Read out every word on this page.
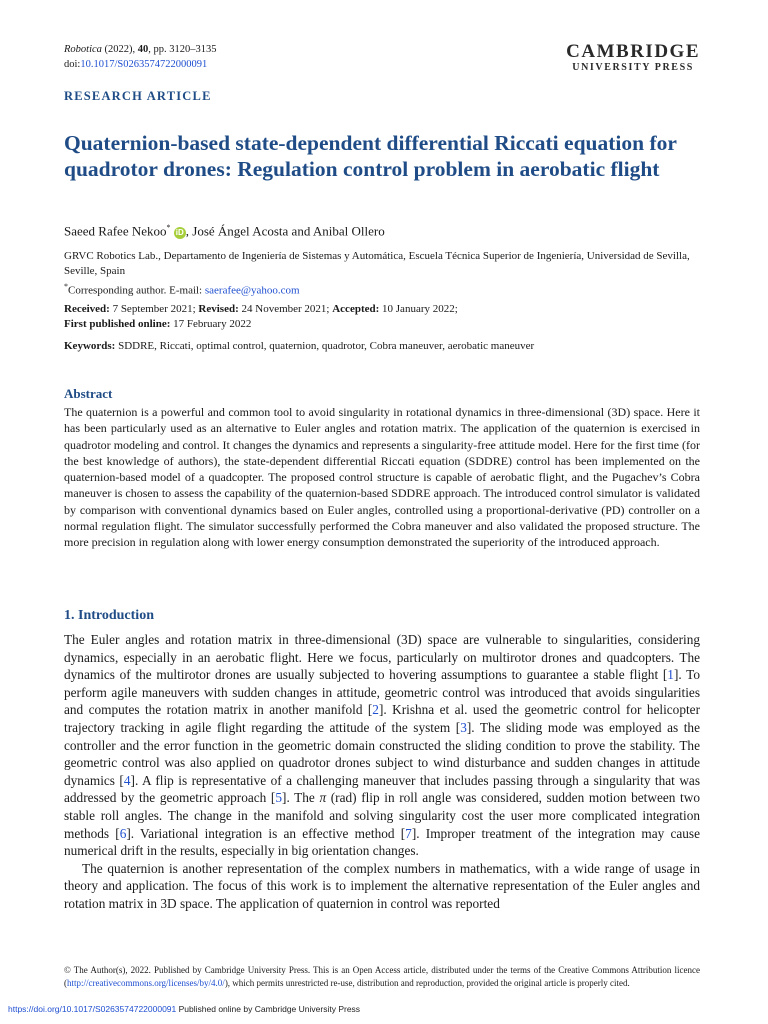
Robotica (2022), 40, pp. 3120–3135
doi:10.1017/S0263574722000091
CAMBRIDGE
UNIVERSITY PRESS
RESEARCH ARTICLE
Quaternion-based state-dependent differential Riccati equation for quadrotor drones: Regulation control problem in aerobatic flight
Saeed Rafee Nekoo* iD , José Ángel Acosta and Anibal Ollero
GRVC Robotics Lab., Departamento de Ingeniería de Sistemas y Automática, Escuela Técnica Superior de Ingeniería, Universidad de Sevilla, Seville, Spain
*Corresponding author. E-mail: saerafee@yahoo.com
Received: 7 September 2021; Revised: 24 November 2021; Accepted: 10 January 2022;
First published online: 17 February 2022
Keywords: SDDRE, Riccati, optimal control, quaternion, quadrotor, Cobra maneuver, aerobatic maneuver
Abstract
The quaternion is a powerful and common tool to avoid singularity in rotational dynamics in three-dimensional (3D) space. Here it has been particularly used as an alternative to Euler angles and rotation matrix. The application of the quaternion is exercised in quadrotor modeling and control. It changes the dynamics and represents a singularity-free attitude model. Here for the first time (for the best knowledge of authors), the state-dependent differential Riccati equation (SDDRE) control has been implemented on the quaternion-based model of a quadcopter. The proposed control structure is capable of aerobatic flight, and the Pugachev’s Cobra maneuver is chosen to assess the capability of the quaternion-based SDDRE approach. The introduced control simulator is validated by comparison with conventional dynamics based on Euler angles, controlled using a proportional-derivative (PD) controller on a normal regulation flight. The simulator successfully performed the Cobra maneuver and also validated the proposed structure. The more precision in regulation along with lower energy consumption demonstrated the superiority of the introduced approach.
1. Introduction

The Euler angles and rotation matrix in three-dimensional (3D) space are vulnerable to singularities, considering dynamics, especially in an aerobatic flight. Here we focus, particularly on multirotor drones and quadcopters. The dynamics of the multirotor drones are usually subjected to hovering assumptions to guarantee a stable flight [1]. To perform agile maneuvers with sudden changes in attitude, geometric control was introduced that avoids singularities and computes the rotation matrix in another manifold [2]. Krishna et al. used the geometric control for helicopter trajectory tracking in agile flight regarding the attitude of the system [3]. The sliding mode was employed as the controller and the error function in the geometric domain constructed the sliding condition to prove the stability. The geometric control was also applied on quadrotor drones subject to wind disturbance and sudden changes in attitude dynamics [4]. A flip is representative of a challenging maneuver that includes passing through a singularity that was addressed by the geometric approach [5]. The π (rad) flip in roll angle was considered, sudden motion between two stable roll angles. The change in the manifold and solving singularity cost the user more complicated integration methods [6]. Variational integration is an effective method [7]. Improper treatment of the integration may cause numerical drift in the results, especially in big orientation changes.

The quaternion is another representation of the complex numbers in mathematics, with a wide range of usage in theory and application. The focus of this work is to implement the alternative representation of the Euler angles and rotation matrix in 3D space. The application of quaternion in control was reported

© The Author(s), 2022. Published by Cambridge University Press. This is an Open Access article, distributed under the terms of the Creative Commons Attribution licence (http://creativecommons.org/licenses/by/4.0/), which permits unrestricted re-use, distribution and reproduction, provided the original article is properly cited.
https://doi.org/10.1017/S0263574722000091 Published online by Cambridge University Press
